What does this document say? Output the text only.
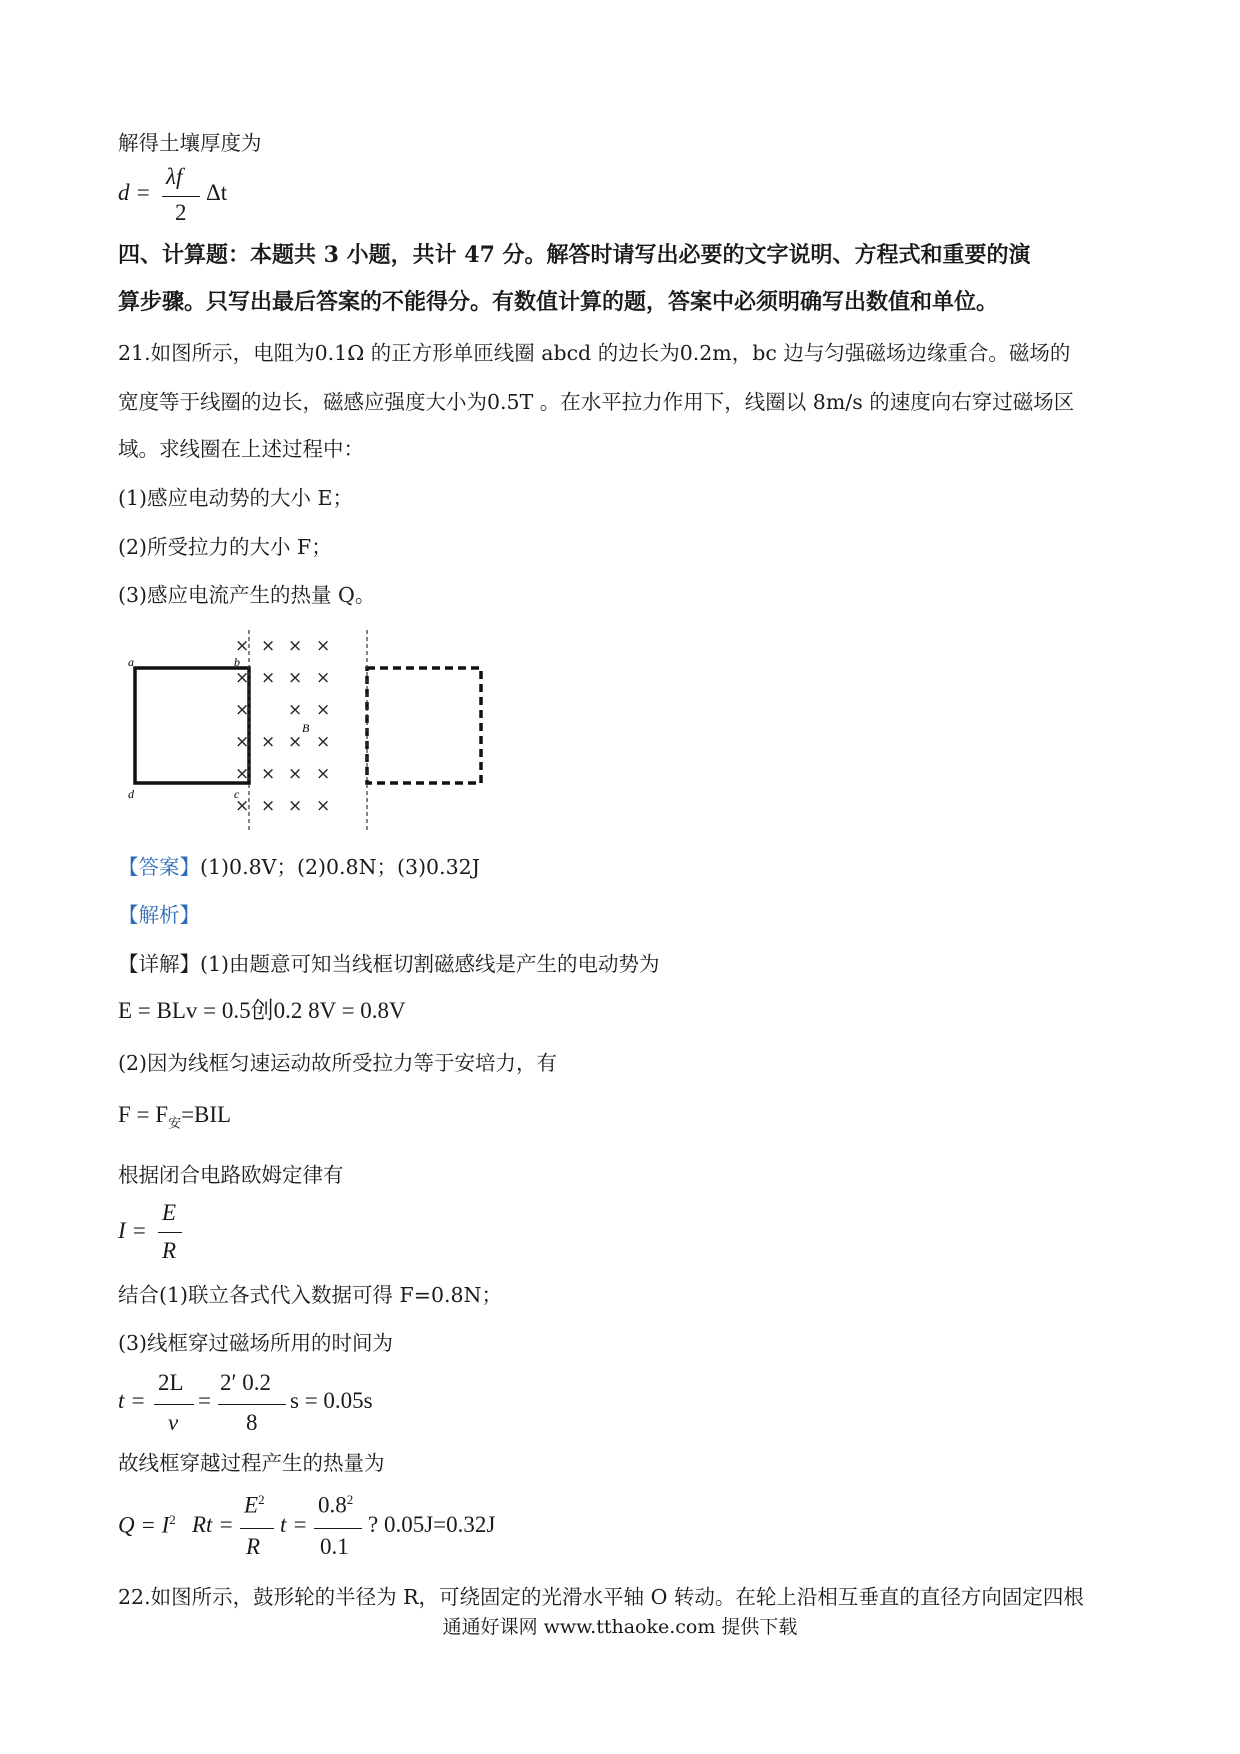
解得土壤厚度为
d =
λf
2
Δt
四、计算题：本题共 3 小题，共计 47 分。解答时请写出必要的文字说明、方程式和重要的演
算步骤。只写出最后答案的不能得分。有数值计算的题，答案中必须明确写出数值和单位。
21.如图所示，电阻为0.1Ω 的正方形单匝线圈 abcd 的边长为0.2m，bc 边与匀强磁场边缘重合。磁场的
宽度等于线圈的边长，磁感应强度大小为0.5T 。在水平拉力作用下，线圈以 8m/s 的速度向右穿过磁场区
域。求线圈在上述过程中：
(1)感应电动势的大小 E；
(2)所受拉力的大小 F；
(3)感应电流产生的热量 Q。
× × × ×
× × × ×
× × ×
× × × ×
× × × ×
× × × ×
a	b
d	c
B
【答案】(1)0.8V；(2)0.8N；(3)0.32J
【解析】
【详解】(1)由题意可知当线框切割磁感线是产生的电动势为
E = BLv = 0.5创0.2 8V = 0.8V
(2)因为线框匀速运动故所受拉力等于安培力，有
$F = F_安=BIL$
根据闭合电路欧姆定律有
I =
E
R
结合(1)联立各式代入数据可得 F=0.8N；
(3)线框穿过磁场所用的时间为
t =
2L
v
=
2′ 0.2
8
s = 0.05s
故线框穿越过程产生的热量为
$Q = I^2$ Rt =
$E^2$
R
t =
$0.8^2$
0.1
? 0.05J=0.32J
22.如图所示，鼓形轮的半径为 R，可绕固定的光滑水平轴 O 转动。在轮上沿相互垂直的直径方向固定四根
通通好课网 www.tthaoke.com 提供下载
